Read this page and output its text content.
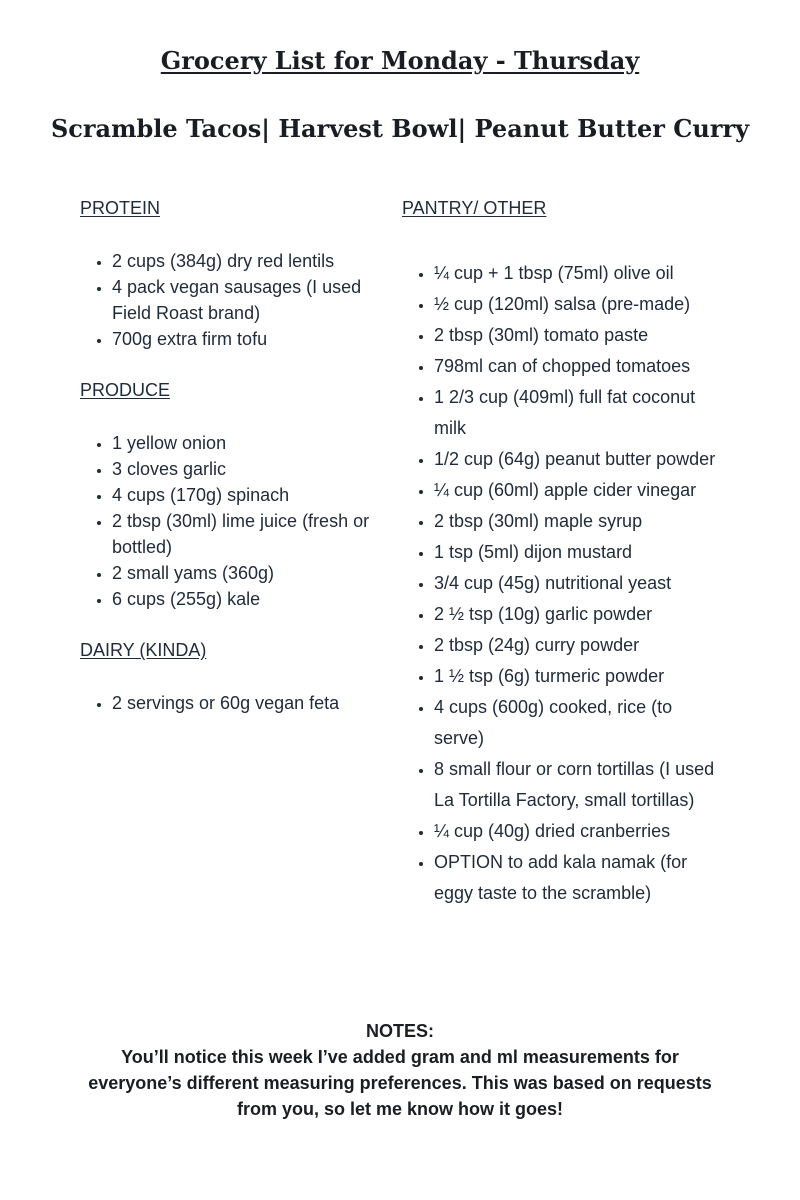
Grocery List for Monday - Thursday
Scramble Tacos| Harvest Bowl| Peanut Butter Curry
PROTEIN
• 2 cups (384g) dry red lentils
• 4 pack vegan sausages (I used Field Roast brand)
• 700g extra firm tofu
PRODUCE
• 1 yellow onion
• 3 cloves garlic
• 4 cups (170g) spinach
• 2 tbsp (30ml) lime juice (fresh or bottled)
• 2 small yams (360g)
• 6 cups (255g) kale
DAIRY (KINDA)
• 2 servings or 60g vegan feta
PANTRY/ OTHER
• ¼ cup + 1 tbsp (75ml) olive oil
• ½ cup (120ml) salsa (pre-made)
• 2 tbsp (30ml) tomato paste
• 798ml can of chopped tomatoes
• 1 2/3 cup (409ml) full fat coconut milk
• 1/2 cup (64g) peanut butter powder
• ¼ cup (60ml) apple cider vinegar
• 2 tbsp (30ml) maple syrup
• 1 tsp (5ml) dijon mustard
• 3/4 cup (45g) nutritional yeast
• 2 ½ tsp (10g) garlic powder
• 2 tbsp (24g) curry powder
• 1 ½ tsp (6g) turmeric powder
• 4 cups (600g) cooked, rice (to serve)
• 8 small flour or corn tortillas (I used La Tortilla Factory, small tortillas)
• ¼ cup (40g) dried cranberries
• OPTION to add kala namak (for eggy taste to the scramble)
NOTES:
You’ll notice this week I’ve added gram and ml measurements for everyone’s different measuring preferences. This was based on requests from you, so let me know how it goes!
